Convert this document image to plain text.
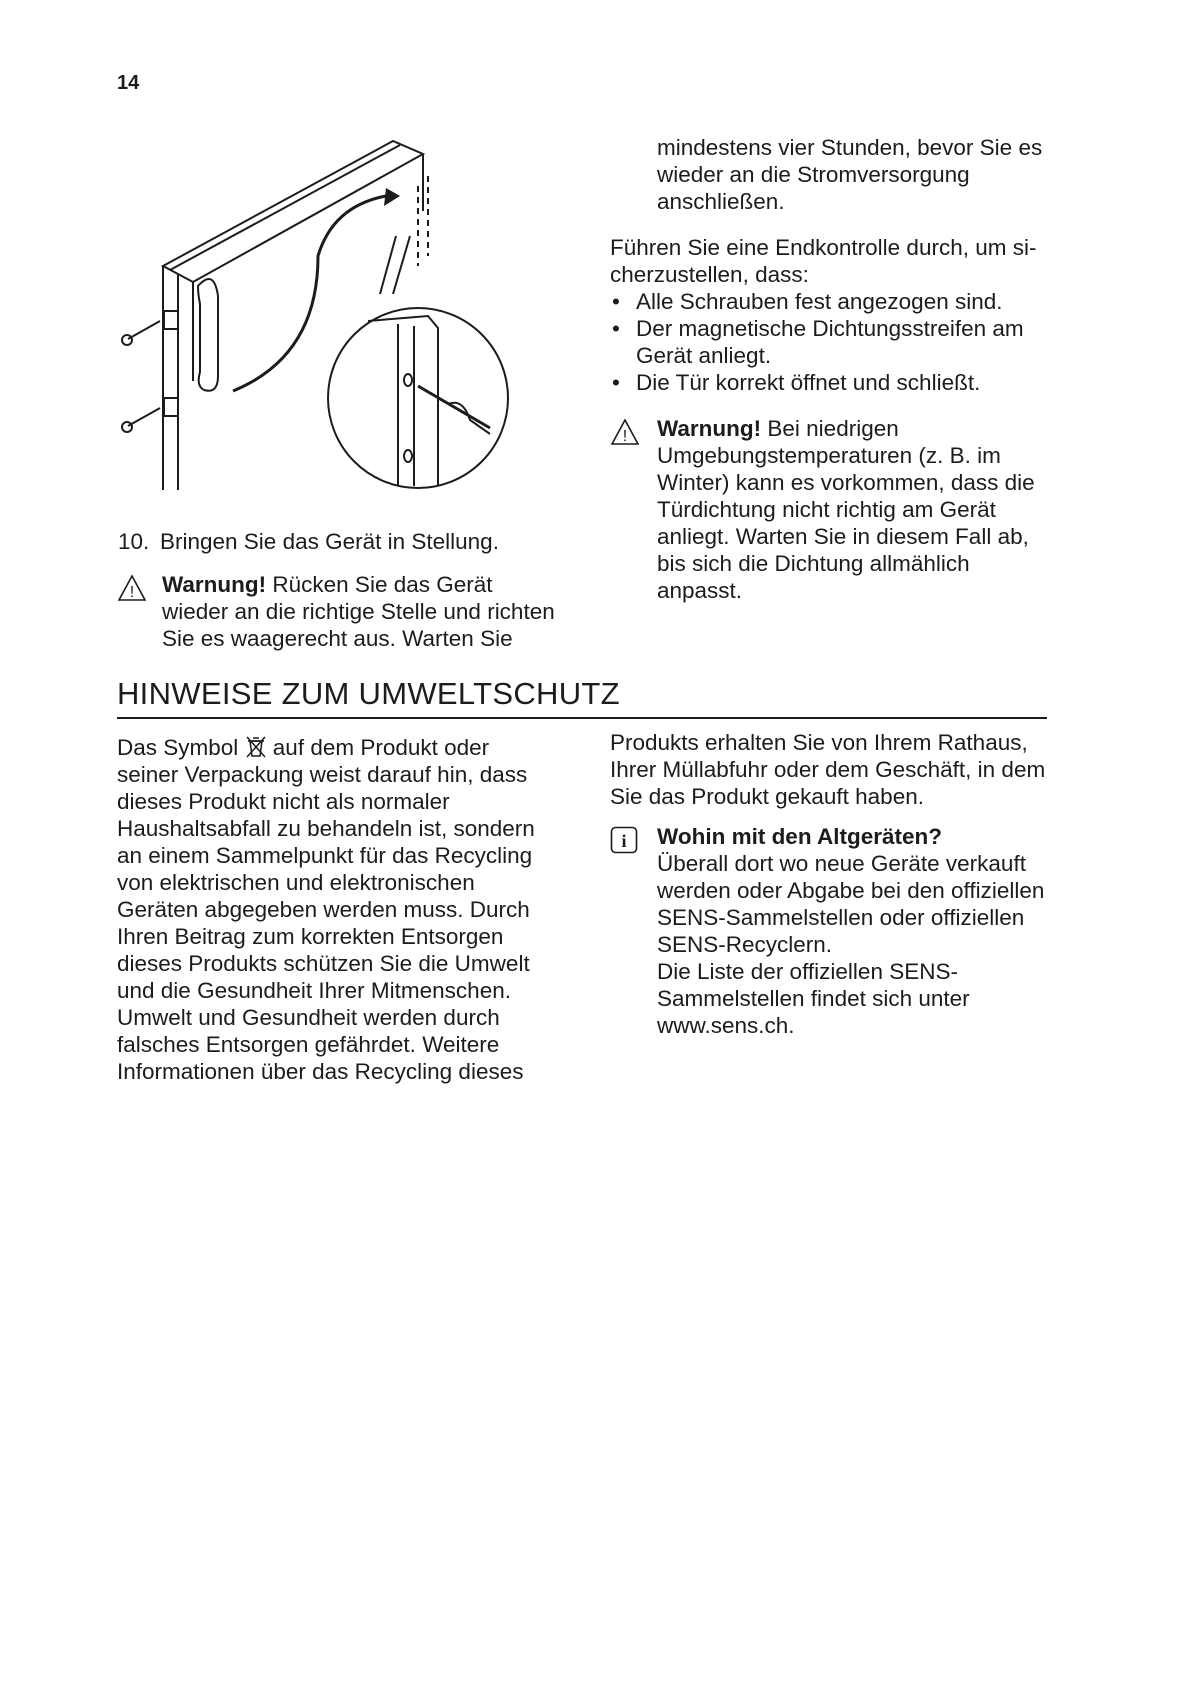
14
10. Bringen Sie das Gerät in Stellung.
! Warnung! Rücken Sie das Gerät
wieder an die richtige Stelle und richten
Sie es waagerecht aus. Warten Sie
mindestens vier Stunden, bevor Sie es
wieder an die Stromversorgung
anschließen.
Führen Sie eine Endkontrolle durch, um si-
cherzustellen, dass:
• Alle Schrauben fest angezogen sind.
• Der magnetische Dichtungsstreifen am Gerät anliegt.
• Die Tür korrekt öffnet und schließt.
! Warnung! Bei niedrigen
Umgebungstemperaturen (z. B. im
Winter) kann es vorkommen, dass die
Türdichtung nicht richtig am Gerät
anliegt. Warten Sie in diesem Fall ab,
bis sich die Dichtung allmählich
anpasst.
HINWEISE ZUM UMWELTSCHUTZ
Das Symbol  auf dem Produkt oder
seiner Verpackung weist darauf hin, dass
dieses Produkt nicht als normaler
Haushaltsabfall zu behandeln ist, sondern
an einem Sammelpunkt für das Recycling
von elektrischen und elektronischen
Geräten abgegeben werden muss. Durch
Ihren Beitrag zum korrekten Entsorgen
dieses Produkts schützen Sie die Umwelt
und die Gesundheit Ihrer Mitmenschen.
Umwelt und Gesundheit werden durch
falsches Entsorgen gefährdet. Weitere
Informationen über das Recycling dieses
Produkts erhalten Sie von Ihrem Rathaus,
Ihrer Müllabfuhr oder dem Geschäft, in dem
Sie das Produkt gekauft haben.
i Wohin mit den Altgeräten?
Überall dort wo neue Geräte verkauft
werden oder Abgabe bei den offiziellen
SENS-Sammelstellen oder offiziellen
SENS-Recyclern.
Die Liste der offiziellen SENS-
Sammelstellen findet sich unter
www.sens.ch.
